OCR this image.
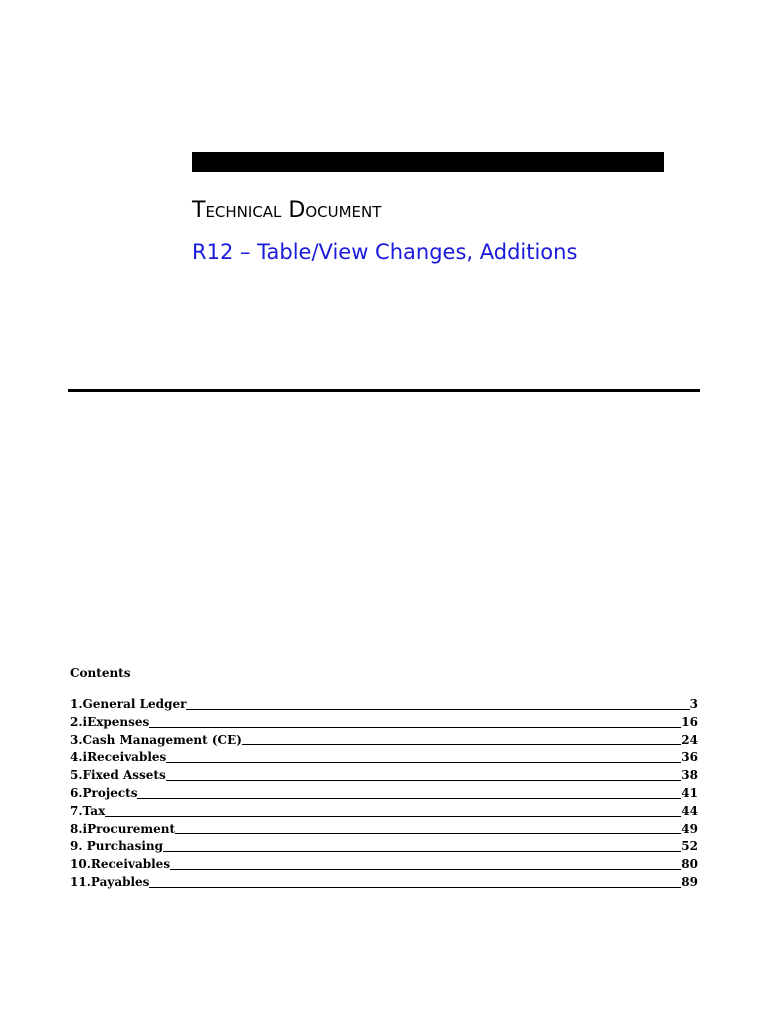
Technical Document
R12 – Table/View Changes, Additions
Contents
1.General Ledger	3
2.iExpenses	16
3.Cash Management (CE)	24
4.iReceivables	36
5.Fixed Assets	38
6.Projects	41
7.Tax	44
8.iProcurement	49
9. Purchasing	52
10.Receivables	80
11.Payables	89
